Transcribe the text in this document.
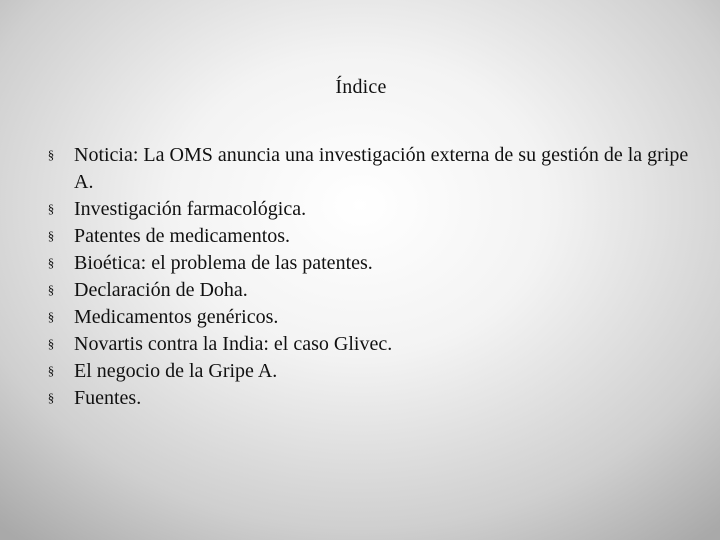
Índice
§ Noticia: La OMS anuncia una investigación externa de su gestión de la gripe A.
§ Investigación farmacológica.
§ Patentes de medicamentos.
§ Bioética: el problema de las patentes.
§ Declaración de Doha.
§ Medicamentos genéricos.
§ Novartis contra la India: el caso Glivec.
§ El negocio de la Gripe A.
§ Fuentes.
